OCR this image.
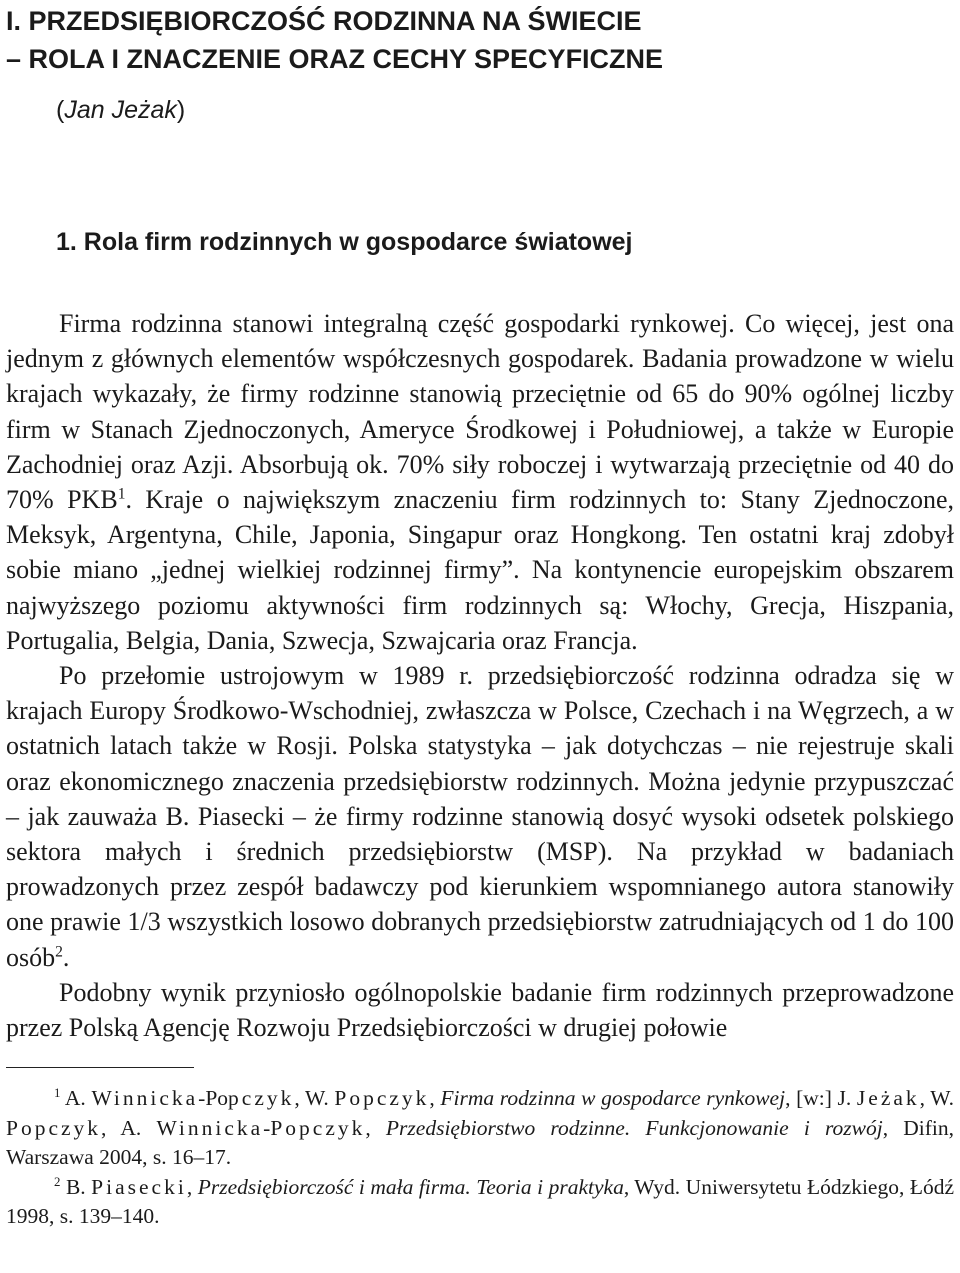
I. PRZEDSIĘBIORCZOŚĆ RODZINNA NA ŚWIECIE
– ROLA I ZNACZENIE ORAZ CECHY SPECYFICZNE
(Jan Jeżak)
1. Rola firm rodzinnych w gospodarce światowej

Firma rodzinna stanowi integralną część gospodarki rynkowej. Co więcej, jest ona jednym z głównych elementów współczesnych gospodarek. Badania prowadzone w wielu krajach wykazały, że firmy rodzinne stanowią przeciętnie od 65 do 90% ogólnej liczby firm w Stanach Zjednoczonych, Ameryce Środkowej i Południowej, a także w Europie Zachodniej oraz Azji. Absorbują ok. 70% siły roboczej i wytwarzają przeciętnie od 40 do 70% PKB$^1$. Kraje o największym znaczeniu firm rodzinnych to: Stany Zjednoczone, Meksyk, Argentyna, Chile, Japonia, Singapur oraz Hongkong. Ten ostatni kraj zdobył sobie miano „jednej wielkiej rodzinnej firmy”. Na kontynencie europejskim obszarem najwyższego poziomu aktywności firm rodzinnych są: Włochy, Grecja, Hiszpania, Portugalia, Belgia, Dania, Szwecja, Szwajcaria oraz Francja.

Po przełomie ustrojowym w 1989 r. przedsiębiorczość rodzinna odradza się w krajach Europy Środkowo-Wschodniej, zwłaszcza w Polsce, Czechach i na Węgrzech, a w ostatnich latach także w Rosji. Polska statystyka – jak dotychczas – nie rejestruje skali oraz ekonomicznego znaczenia przedsiębiorstw rodzinnych. Można jedynie przypuszczać – jak zauważa B. Piasecki – że firmy rodzinne stanowią dosyć wysoki odsetek polskiego sektora małych i średnich przedsiębiorstw (MSP). Na przykład w badaniach prowadzonych przez zespół badawczy pod kierunkiem wspomnianego autora stanowiły one prawie 1/3 wszystkich losowo dobranych przedsiębiorstw zatrudniających od 1 do 100 osób$^2$.

Podobny wynik przyniosło ogólnopolskie badanie firm rodzinnych przeprowadzone przez Polską Agencję Rozwoju Przedsiębiorczości w drugiej połowie

$^1$ A. Winnicka-Popczyk, W. Popczyk, Firma rodzinna w gospodarce rynkowej, [w:] J. Jeżak, W. Popczyk, A. Winnicka-Popczyk, Przedsiębiorstwo rodzinne. Funkcjonowanie i rozwój, Difin, Warszawa 2004, s. 16–17.
$^2$ B. Piasecki, Przedsiębiorczość i mała firma. Teoria i praktyka, Wyd. Uniwersytetu Łódzkiego, Łódź 1998, s. 139–140.
